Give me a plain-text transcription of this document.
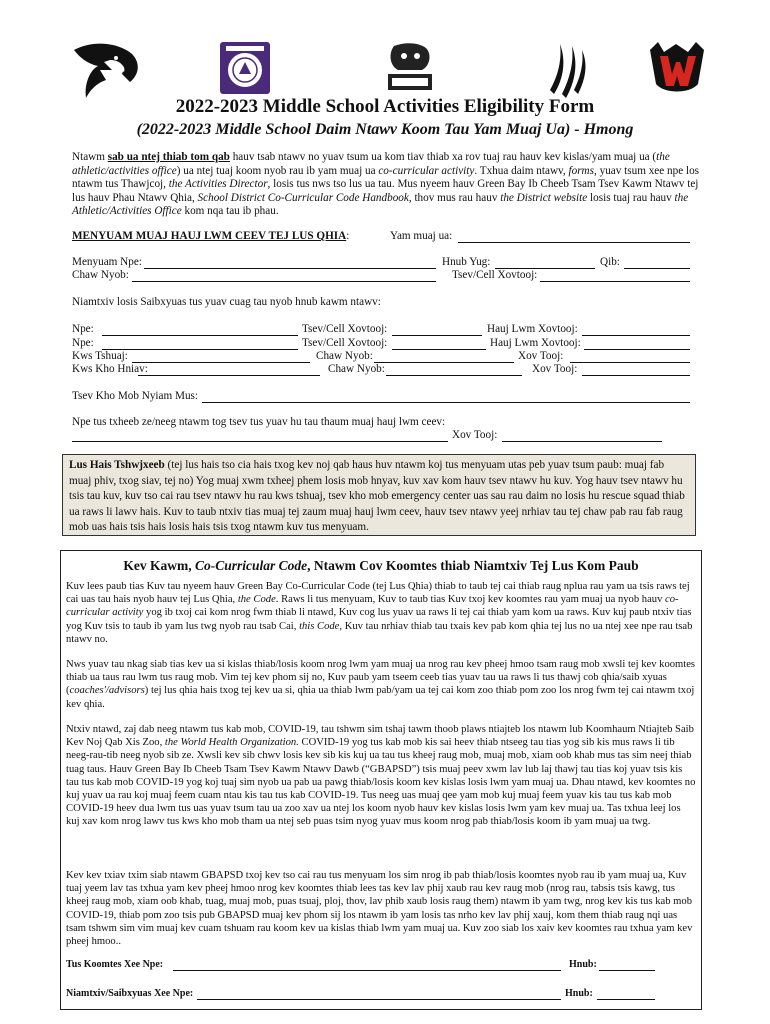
2022-2023 Middle School Activities Eligibility Form
(2022-2023 Middle School Daim Ntawv Koom Tau Yam Muaj Ua) - Hmong
Ntawm sab ua ntej thiab tom qab hauv tsab ntawv no yuav tsum ua kom tiav thiab xa rov tuaj rau hauv kev kislas/yam muaj ua (the athletic/activities office) ua ntej tuaj koom nyob rau ib yam muaj ua co-curricular activity. Txhua daim ntawv, forms, yuav tsum xee npe los ntawm tus Thawjcoj, the Activities Director, losis tus nws tso lus ua tau. Mus nyeem hauv Green Bay Ib Cheeb Tsam Tsev Kawm Ntawv tej lus hauv Phau Ntawv Qhia, School District Co-Curricular Code Handbook, thov mus rau hauv the District website losis tuaj rau hauv the Athletic/Activities Office kom nqa tau ib phau.
MENYUAM MUAJ HAUJ LWM CEEV TEJ LUS QHIA:	Yam muaj ua:
Menyuam Npe:	Hnub Yug:	Qib:
Chaw Nyob:	Tsev/Cell Xovtooj:
Niamtxiv losis Saibxyuas tus yuav cuag tau nyob hnub kawm ntawv:
Npe:	Tsev/Cell Xovtooj:	Hauj Lwm Xovtooj:
Npe:	Tsev/Cell Xovtooj:	Hauj Lwm Xovtooj:
Kws Tshuaj:	Chaw Nyob:	Xov Tooj:
Kws Kho Hniav:	Chaw Nyob:	Xov Tooj:
Tsev Kho Mob Nyiam Mus:
Npe tus txheeb ze/neeg ntawm tog tsev tus yuav hu tau thaum muaj hauj lwm ceev:
Xov Tooj:
Lus Hais Tshwjxeeb (tej lus hais tso cia hais txog kev noj qab haus huv ntawm koj tus menyuam utas peb yuav tsum paub: muaj fab muaj phiv, txog siav, tej no) Yog muaj xwm txheej phem losis mob hnyav, kuv xav kom hauv tsev ntawv hu kuv. Yog hauv tsev ntawv hu tsis tau kuv, kuv tso cai rau tsev ntawv hu rau kws tshuaj, tsev kho mob emergency center uas sau rau daim no losis hu rescue squad thiab ua raws li lawv hais. Kuv to taub ntxiv tias muaj tej zaum muaj hauj lwm ceev, hauv tsev ntawv yeej nrhiav tau tej chaw pab rau fab raug mob uas hais tsis hais losis hais tsis txog ntawm kuv tus menyuam.
Kev Kawm, Co-Curricular Code, Ntawm Cov Koomtes thiab Niamtxiv Tej Lus Kom Paub
Kuv lees paub tias Kuv tau nyeem hauv Green Bay Co-Curricular Code (tej Lus Qhia) thiab to taub tej cai thiab raug nplua rau yam ua tsis raws tej cai uas tau hais nyob hauv tej Lus Qhia, the Code. Raws li tus menyuam, Kuv to taub tias Kuv txoj kev koomtes rau yam muaj ua nyob hauv co-curricular activity yog ib txoj cai kom nrog fwm thiab li ntawd, Kuv cog lus yuav ua raws li tej cai thiab yam kom ua raws. Kuv kuj paub ntxiv tias yog Kuv tsis to taub ib yam lus twg nyob rau tsab Cai, this Code, Kuv tau nrhiav thiab tau txais kev pab kom qhia tej lus no ua ntej xee npe rau tsab ntawv no.
Nws yuav tau nkag siab tias kev ua si kislas thiab/losis koom nrog lwm yam muaj ua nrog rau kev pheej hmoo tsam raug mob xwsli tej kev koomtes thiab ua taus rau lwm tus raug mob. Vim tej kev phom sij no, Kuv paub yam tseem ceeb tias yuav tau ua raws li tus thawj cob qhia/saib xyuas (coaches'/advisors) tej lus qhia hais txog tej kev ua si, qhia ua thiab lwm pab/yam ua tej cai kom zoo thiab pom zoo los nrog fwm tej cai ntawm txoj kev qhia.
Ntxiv ntawd, zaj dab neeg ntawm tus kab mob, COVID-19, tau tshwm sim tshaj tawm thoob plaws ntiajteb los ntawm lub Koomhaum Ntiajteb Saib Kev Noj Qab Xis Zoo, the World Health Organization. COVID-19 yog tus kab mob kis sai heev thiab ntseeg tau tias yog sib kis mus raws li tib neeg-rau-tib neeg nyob sib ze. Xwsli kev sib chwv losis kev sib kis kuj ua tau tus kheej raug mob, muaj mob, xiam oob khab mus tas sim neej thiab tuag taus. Hauv Green Bay Ib Cheeb Tsam Tsev Kawm Ntawv Dawb (“GBAPSD”) tsis muaj peev xwm lav lub laj thawj tau tias koj yuav tsis kis tau tus kab mob COVID-19 yog koj tuaj sim nyob ua pab ua pawg thiab/losis koom kev kislas losis lwm yam muaj ua. Dhau ntawd, kev koomtes no kuj yuav ua rau koj muaj feem cuam ntau kis tau tus kab COVID-19. Tus neeg uas muaj qee yam mob kuj muaj feem yuav kis tau tus kab mob COVID-19 heev dua lwm tus uas yuav tsum tau ua zoo xav ua ntej los koom nyob hauv kev kislas losis lwm yam kev muaj ua. Tas txhua leej los kuj xav kom nrog lawv tus kws kho mob tham ua ntej seb puas tsim nyog yuav mus koom nrog pab thiab/losis koom ib yam muaj ua twg.
Kev kev txiav txim siab ntawm GBAPSD txoj kev tso cai rau tus menyuam los sim nrog ib pab thiab/losis koomtes nyob rau ib yam muaj ua, Kuv tuaj yeem lav tas txhua yam kev pheej hmoo nrog kev koomtes thiab lees tas kev lav phij xaub rau kev raug mob (nrog rau, tabsis tsis kawg, tus kheej raug mob, xiam oob khab, tuag, muaj mob, puas tsuaj, ploj, thov, lav phib xaub losis raug them) ntawm ib yam twg, nrog kev kis tus kab mob COVID-19, thiab pom zoo tsis pub GBAPSD muaj kev phom sij los ntawm ib yam losis tas nrho kev lav phij xauj, kom them thiab raug nqi uas tsam tshwm sim vim muaj kev cuam tshuam rau koom kev ua kislas thiab lwm yam muaj ua. Kuv zoo siab los xaiv kev koomtes rau txhua yam kev pheej hmoo..
Tus Koomtes Xee Npe:	Hnub:
Niamtxiv/Saibxyuas Xee Npe:	Hnub:
